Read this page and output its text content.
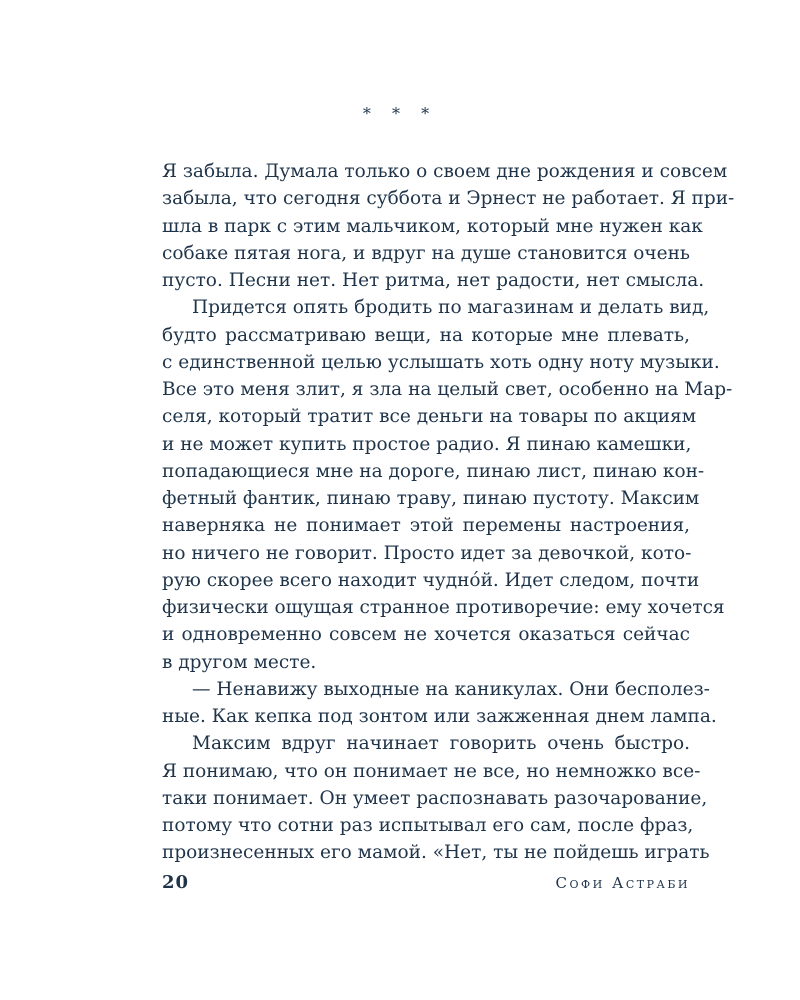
* * *
Я забыла. Думала только о своем дне рождения и совсем
забыла, что сегодня суббота и Эрнест не работает. Я при-
шла в парк с этим мальчиком, который мне нужен как
собаке пятая нога, и вдруг на душе становится очень
пусто. Песни нет. Нет ритма, нет радости, нет смысла.
Придется опять бродить по магазинам и делать вид,
будто рассматриваю вещи, на которые мне плевать,
с единственной целью услышать хоть одну ноту музыки.
Все это меня злит, я зла на целый свет, особенно на Мар-
селя, который тратит все деньги на товары по акциям
и не может купить простое радио. Я пинаю камешки,
попадающиеся мне на дороге, пинаю лист, пинаю кон-
фетный фантик, пинаю траву, пинаю пустоту. Максим
наверняка не понимает этой перемены настроения,
но ничего не говорит. Просто идет за девочкой, кото-
рую скорее всего находит чуднóй. Идет следом, почти
физически ощущая странное противоречие: ему хочется
и одновременно совсем не хочется оказаться сейчас
в другом месте.
— Ненавижу выходные на каникулах. Они бесполез-
ные. Как кепка под зонтом или зажженная днем лампа.
Максим вдруг начинает говорить очень быстро.
Я понимаю, что он понимает не все, но немножко все-
таки понимает. Он умеет распознавать разочарование,
потому что сотни раз испытывал его сам, после фраз,
произнесенных его мамой. «Нет, ты не пойдешь играть
20	Софи Астраби
